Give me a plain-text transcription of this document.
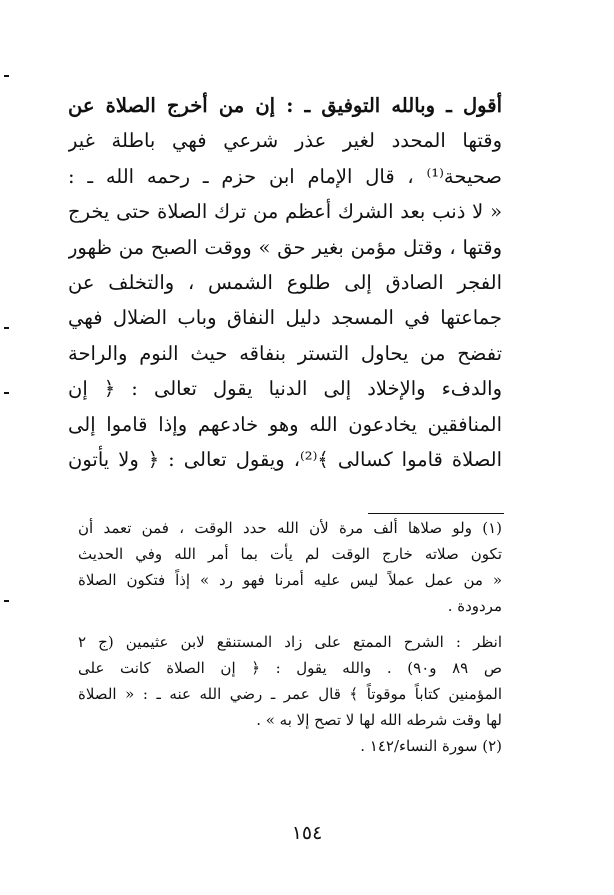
أقول ـ وبالله التوفيق ـ : إن من أخرج الصلاة عن
وقتها المحدد لغير عذر شرعي فهي باطلة غير
صحيحة⁽¹⁾ ، قال الإمام ابن حزم ـ رحمه الله ـ :
« لا ذنب بعد الشرك أعظم من ترك الصلاة حتى يخرج
وقتها ، وقتل مؤمن بغير حق » ووقت الصبح من ظهور
الفجر الصادق إلى طلوع الشمس ، والتخلف عن
جماعتها في المسجد دليل النفاق وباب الضلال فهي
تفضح من يحاول التستر بنفاقه حيث النوم والراحة
والدفء والإخلاد إلى الدنيا يقول تعالى : ﴿ إن
المنافقين يخادعون الله وهو خادعهم وإذا قاموا إلى
الصلاة قاموا كسالى ﴾⁽²⁾، ويقول تعالى : ﴿ ولا يأتون
(١) ولو صلاها ألف مرة لأن الله حدد الوقت ، فمن تعمد أن
تكون صلاته خارج الوقت لم يأت بما أمر الله وفي الحديث
« من عمل عملاً ليس عليه أمرنا فهو رد » إذاً فتكون الصلاة
مردودة .
انظر : الشرح الممتع على زاد المستنقع لابن عثيمين (ج ٢
ص ٨٩ و٩٠) . والله يقول : ﴿ إن الصلاة كانت على
المؤمنين كتاباً موقوتاً ﴾ قال عمر ـ رضي الله عنه ـ : « الصلاة
لها وقت شرطه الله لها لا تصح إلا به » .
(٢) سورة النساء/١٤٢ .
١٥٤
